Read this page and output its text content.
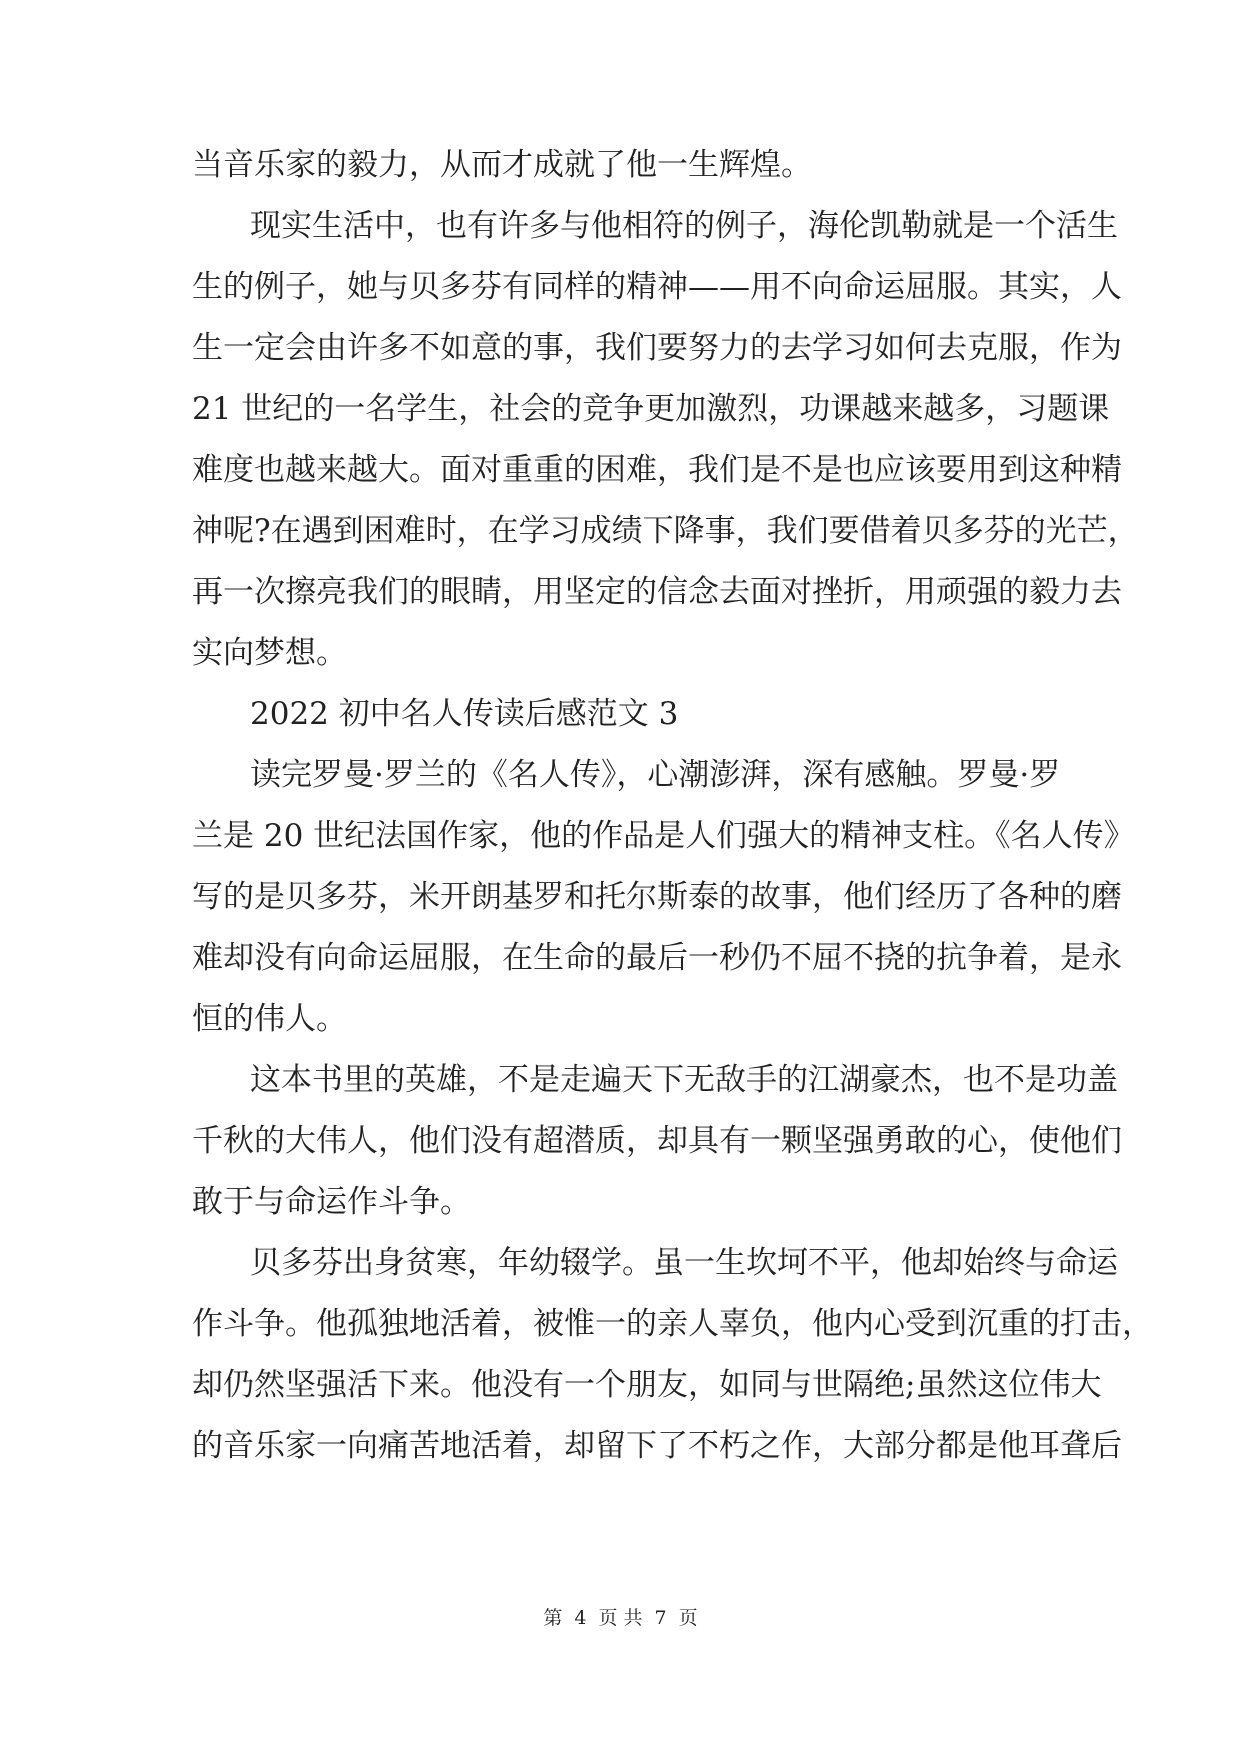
当音乐家的毅力，从而才成就了他一生辉煌。
现实生活中，也有许多与他相符的例子，海伦凯勒就是一个活生
生的例子，她与贝多芬有同样的精神——用不向命运屈服。其实，人
生一定会由许多不如意的事，我们要努力的去学习如何去克服，作为
21 世纪的一名学生，社会的竞争更加激烈，功课越来越多，习题课
难度也越来越大。面对重重的困难，我们是不是也应该要用到这种精
神呢?在遇到困难时，在学习成绩下降事，我们要借着贝多芬的光芒，
再一次擦亮我们的眼睛，用坚定的信念去面对挫折，用顽强的毅力去
实向梦想。
2022 初中名人传读后感范文 3
读完罗曼·罗兰的《名人传》，心潮澎湃，深有感触。罗曼·罗
兰是 20 世纪法国作家，他的作品是人们强大的精神支柱。《名人传》
写的是贝多芬，米开朗基罗和托尔斯泰的故事，他们经历了各种的磨
难却没有向命运屈服，在生命的最后一秒仍不屈不挠的抗争着，是永
恒的伟人。
这本书里的英雄，不是走遍天下无敌手的江湖豪杰，也不是功盖
千秋的大伟人，他们没有超潜质，却具有一颗坚强勇敢的心，使他们
敢于与命运作斗争。
贝多芬出身贫寒，年幼辍学。虽一生坎坷不平，他却始终与命运
作斗争。他孤独地活着，被惟一的亲人辜负，他内心受到沉重的打击，
却仍然坚强活下来。他没有一个朋友，如同与世隔绝;虽然这位伟大
的音乐家一向痛苦地活着，却留下了不朽之作，大部分都是他耳聋后
第 4 页 共 7 页
